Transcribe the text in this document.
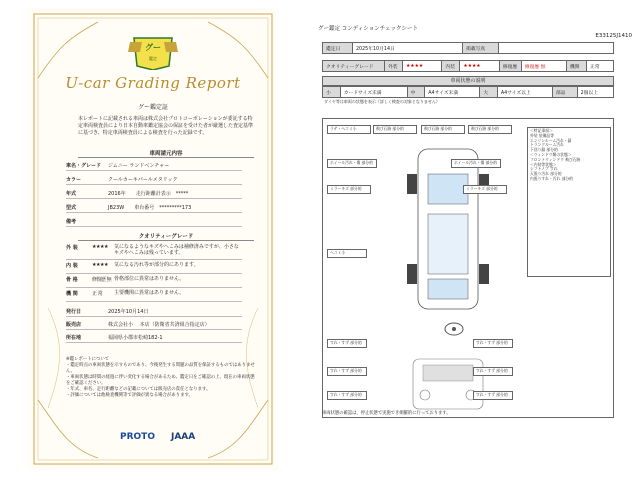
グー
鑑定
U-car Grading Report
グー鑑定証
本レポートに記載される車両は株式会社プロトコーポレーションが委託する特定車両検査員により日本自動車鑑定協会の保証を受けた者が厳選した査定基準に基づき、特定車両検査員による検査を行った記録です。
車両請元内容
車名・グレード	ジムニー ランドベンチャー
カラー	クールカーキパールメタリック
年式	2016年　　走行距離計表示　*****
型式	JB23W　　車台番号　*********173
備考
クオリティーグレード
外 装	★★★★	気になるようなキズやへこみは補修済みですが、小さなキズやへこみは残っています。
内 装	★★★★	気になる汚れ等が部分的にあります。
骨 格	修復歴 無 骨格部位に異常はありません。
機 関	正 常	主要機関に異常はありません。
発行日	2025年10月14日
販売店	株式会社小 　本店（防衛省共済組合指定店）
所在地	福岡県小郡市松崎182-1
※鑑レポートについて
・鑑定時点の車両状態を示すものであり、今後発生する問題の品質を保証するものではありません。
・車両状態は時間の経過に伴い変化する場合があるため、鑑定日をご確認の上、現在の車両状態をご確認ください。
・年式、車名、走行距離などの記載については販売店の責任となります。
・評価については他検査機関等で評価が異なる場合があります。
PROTO JAAA
グー鑑定 コンディションチェックシート
E33125J1410
鑑定日	2025年10月14日	掲載写真	
クオリティーグレード	外装	★★★★	内装	★★★★	修復歴	修復歴 無	機関	正常
車両状態の説明
小	カードサイズ未満	中	A4サイズ未満	大	A4サイズ以上	部品	2個以上
ダイヤ等は車両の状態を表示（詳しく検査の対象となりません）
ラゲ・ヘコミ小	飛び石跡 部分的	飛び石跡 部分的	飛び石跡 部分的
ホイール汚れ・傷 部分的	ホイール汚れ・傷 部分的
ミラーキズ 部分的	ミラーキズ 部分的
ヘコミ小
すれ・すず 部分的	すれ・すず 部分的
すれ・すず 部分的	すれ・すず 部分的
すれ・すず 部分的	すれ・すず 部分的
＜特記事項＞
外装 装備品等
エンジンルーム汚れ・錆
トランクルーム汚れ
下回り錆 部分的
＜ウィンドウ類の状態＞
フロントウィンドウ 飛び石跡
＜内装等状態＞
シフトノブ すれ
天張り汚れ 部分的
内張りすれ・汚れ 部分的
車両状態の確認は、停止状態で実施でき網羅的に行っております。
